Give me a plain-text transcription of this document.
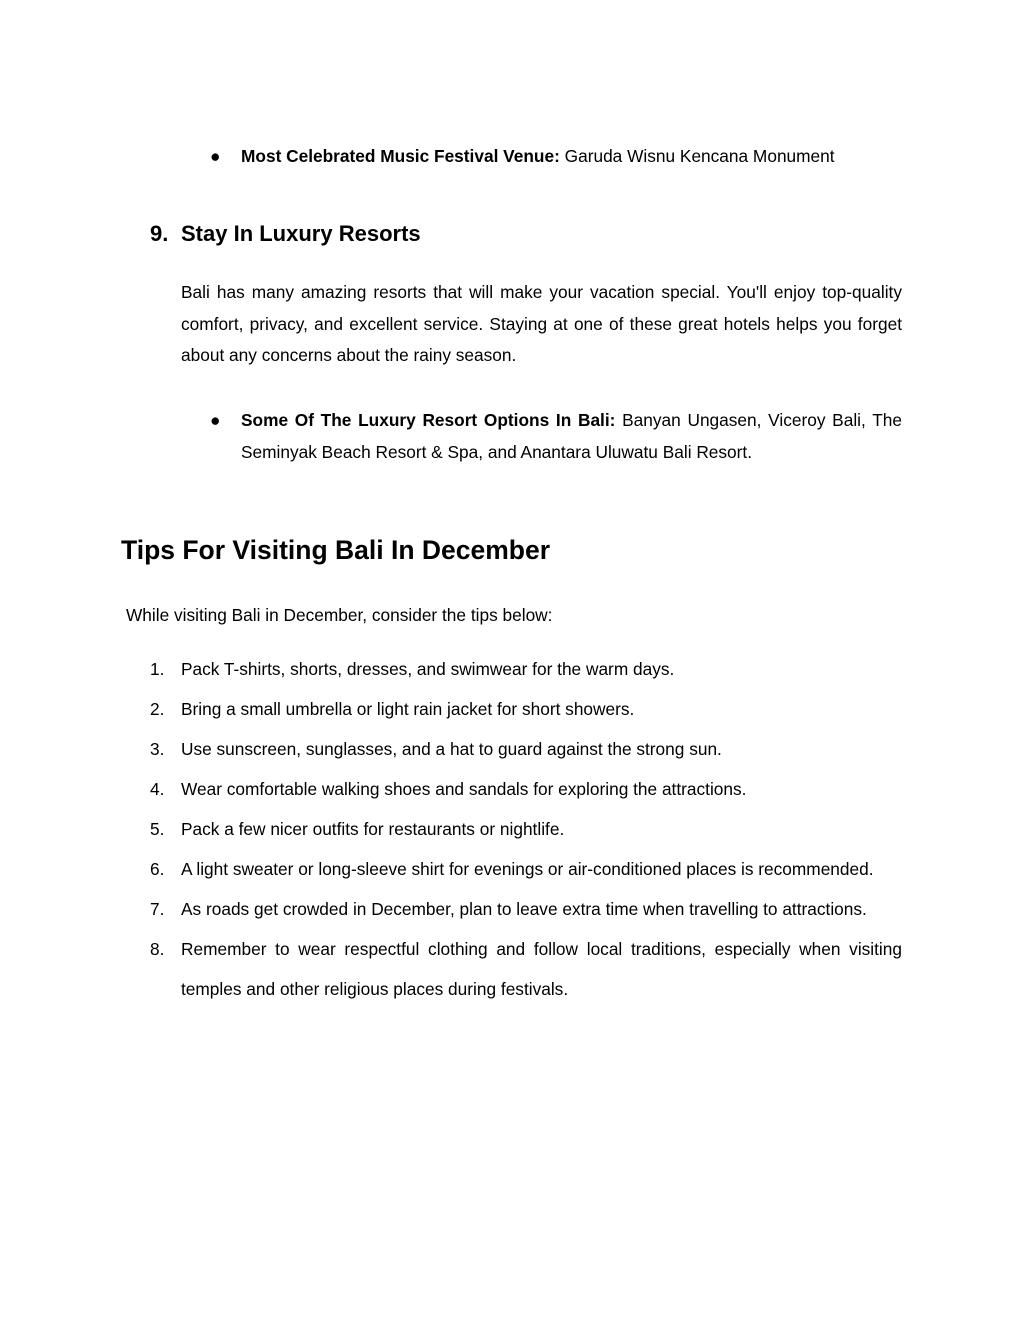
●	Most Celebrated Music Festival Venue: Garuda Wisnu Kencana Monument
9. Stay In Luxury Resorts

Bali has many amazing resorts that will make your vacation special. You'll enjoy top-quality comfort, privacy, and excellent service. Staying at one of these great hotels helps you forget about any concerns about the rainy season.

●	Some Of The Luxury Resort Options In Bali: Banyan Ungasen, Viceroy Bali, The Seminyak Beach Resort & Spa, and Anantara Uluwatu Bali Resort.
Tips For Visiting Bali In December

While visiting Bali in December, consider the tips below:

1. Pack T-shirts, shorts, dresses, and swimwear for the warm days.
2. Bring a small umbrella or light rain jacket for short showers.
3. Use sunscreen, sunglasses, and a hat to guard against the strong sun.
4. Wear comfortable walking shoes and sandals for exploring the attractions.
5. Pack a few nicer outfits for restaurants or nightlife.
6. A light sweater or long-sleeve shirt for evenings or air-conditioned places is recommended.
7. As roads get crowded in December, plan to leave extra time when travelling to attractions.
8. Remember to wear respectful clothing and follow local traditions, especially when visiting temples and other religious places during festivals.
